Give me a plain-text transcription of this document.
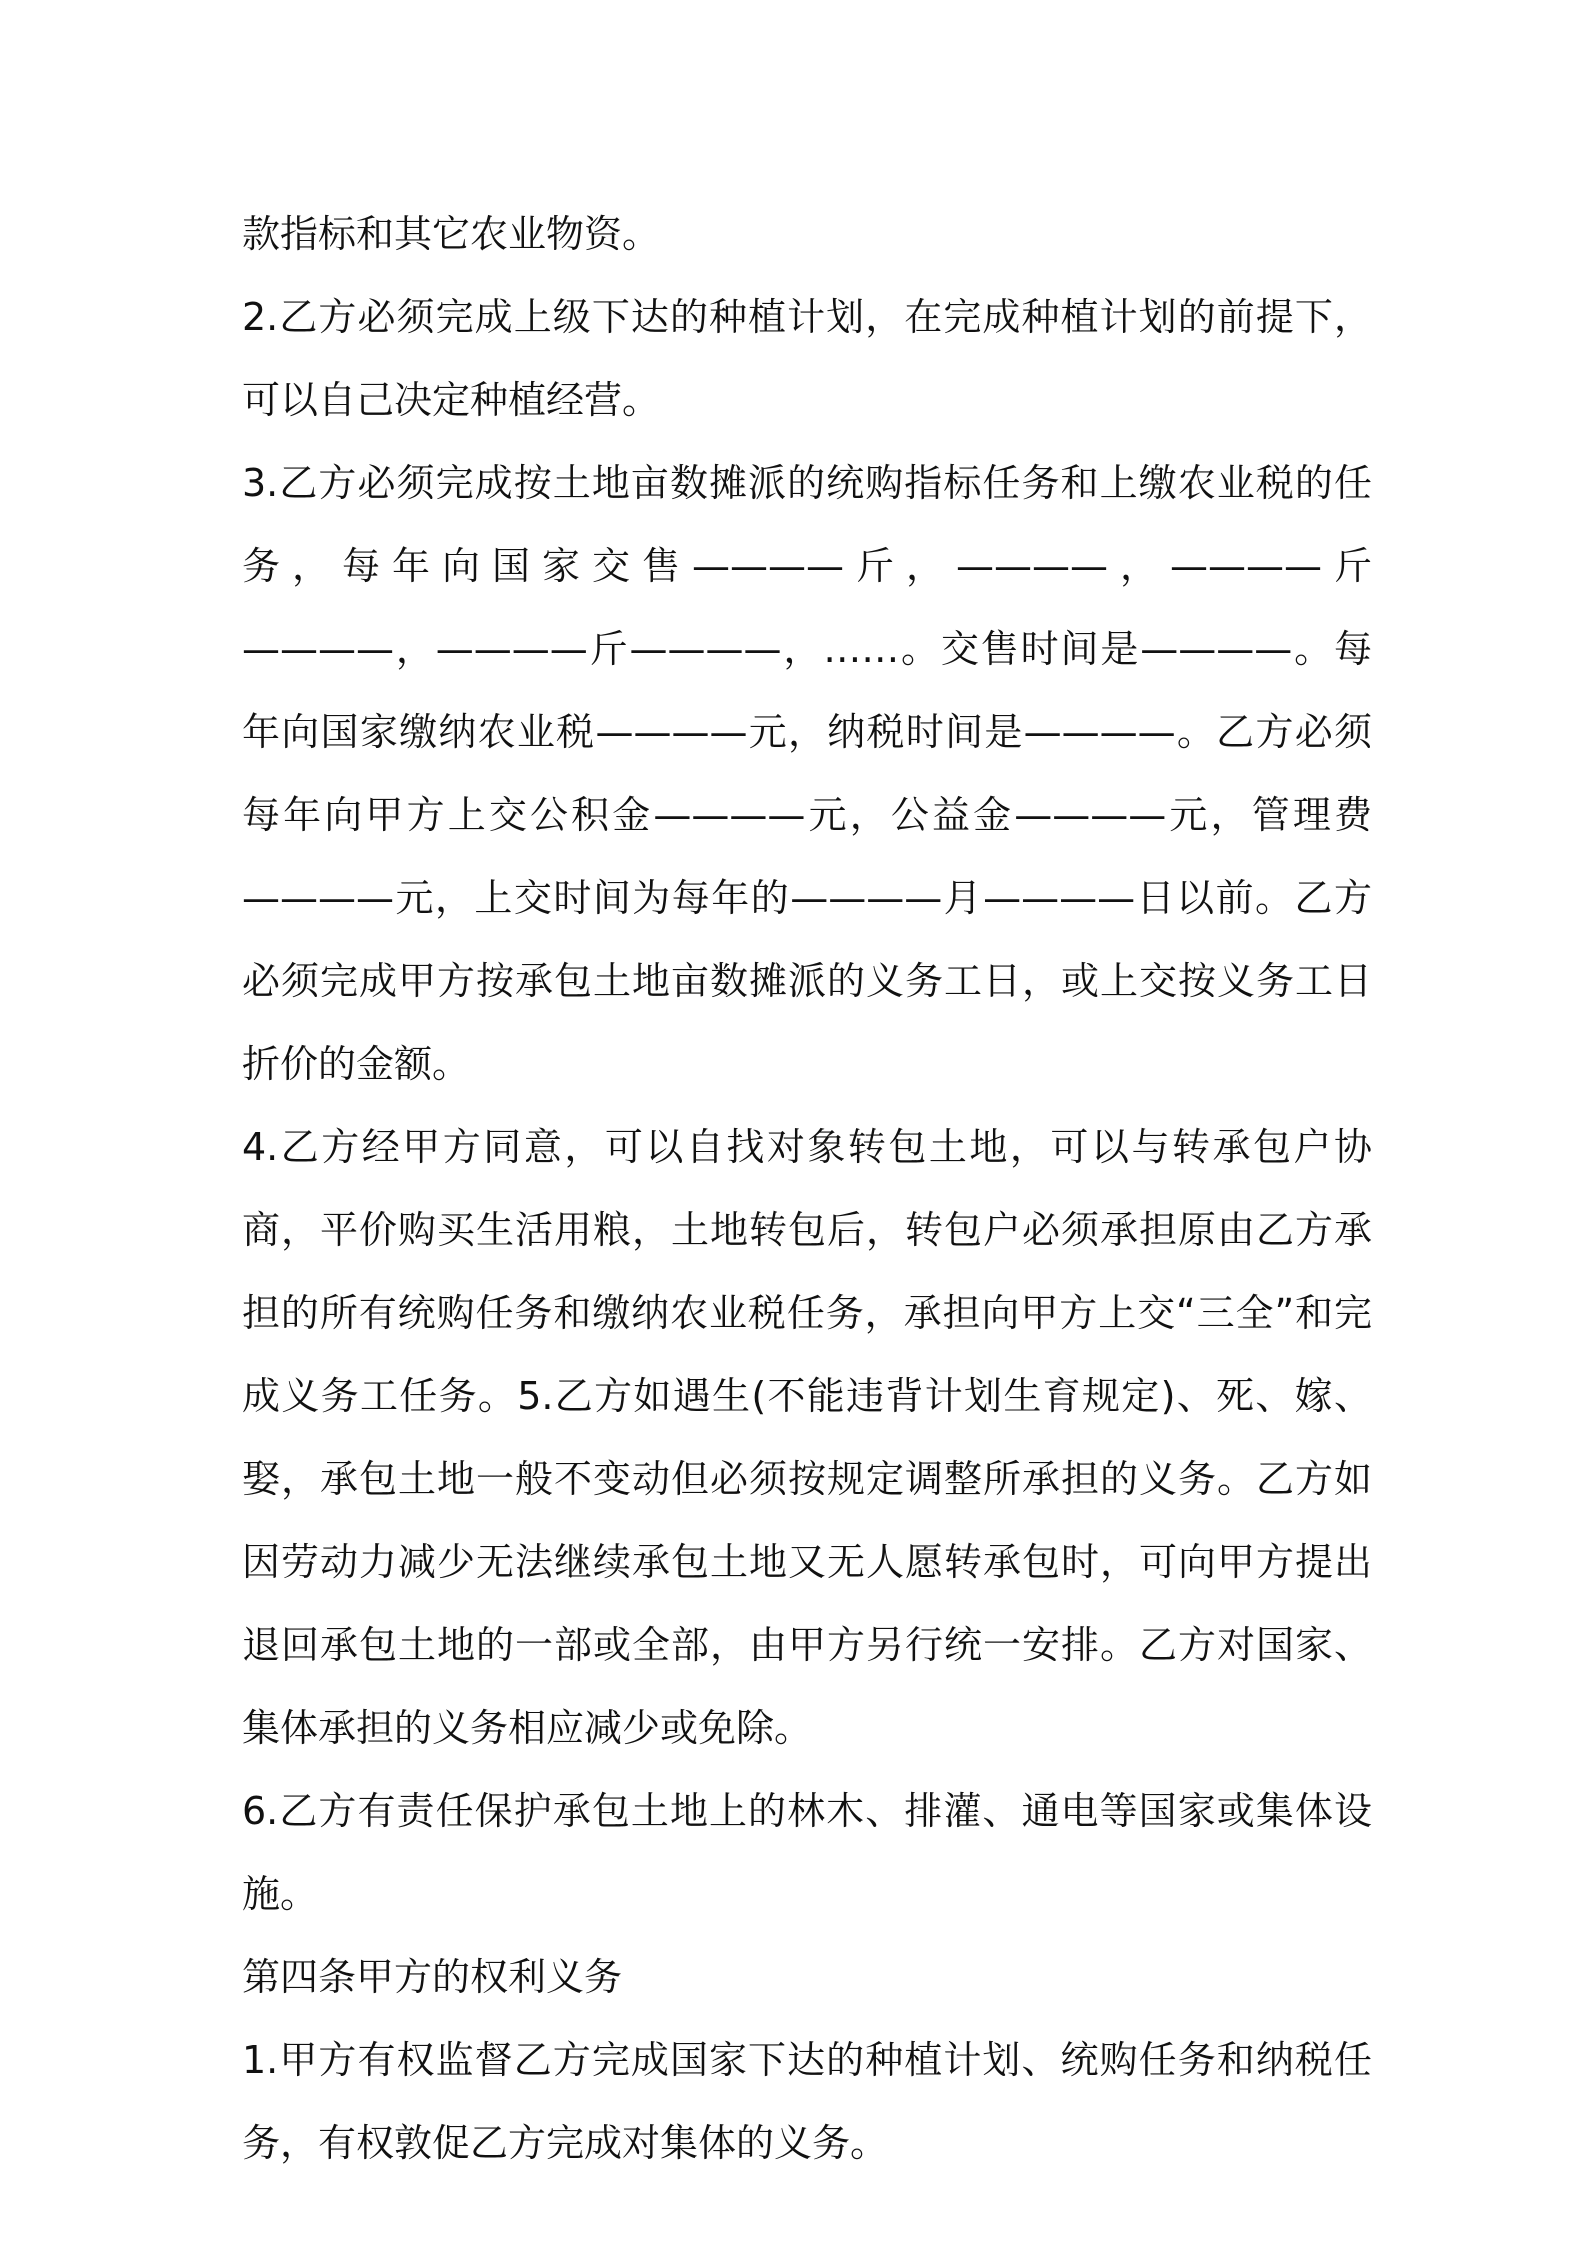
款指标和其它农业物资。

2.乙方必须完成上级下达的种植计划，在完成种植计划的前提下，可以自己决定种植经营。

3.乙方必须完成按土地亩数摊派的统购指标任务和上缴农业税的任务，每年向国家交售————斤，————，————斤————，————斤————，……。交售时间是————。每年向国家缴纳农业税————元，纳税时间是————。乙方必须每年向甲方上交公积金————元，公益金————元，管理费————元，上交时间为每年的————月————日以前。乙方必须完成甲方按承包土地亩数摊派的义务工日，或上交按义务工日折价的金额。

4.乙方经甲方同意，可以自找对象转包土地，可以与转承包户协商，平价购买生活用粮，土地转包后，转包户必须承担原由乙方承担的所有统购任务和缴纳农业税任务，承担向甲方上交“三全”和完成义务工任务。5.乙方如遇生(不能违背计划生育规定)、死、嫁、娶，承包土地一般不变动但必须按规定调整所承担的义务。乙方如因劳动力减少无法继续承包土地又无人愿转承包时，可向甲方提出退回承包土地的一部或全部，由甲方另行统一安排。乙方对国家、集体承担的义务相应减少或免除。

6.乙方有责任保护承包土地上的林木、排灌、通电等国家或集体设施。

第四条甲方的权利义务

1.甲方有权监督乙方完成国家下达的种植计划、统购任务和纳税任务，有权敦促乙方完成对集体的义务。
